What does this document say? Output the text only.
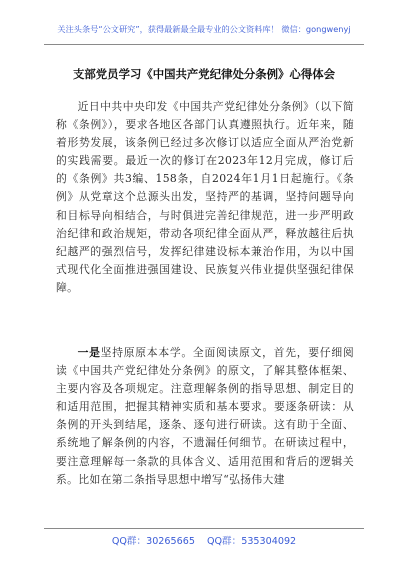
关注头条号“公文研究”，获得最新最全最专业的公文资料库！ 微信：gongwenyj
支部党员学习《中国共产党纪律处分条例》心得体会
近日中共中央印发《中国共产党纪律处分条例》（以下简称《条例》），要求各地区各部门认真遵照执行。近年来，随着形势发展，该条例已经过多次修订以适应全面从严治党新的实践需要。最近一次的修订在2023年12月完成，修订后的《条例》共3编、158条，自2024年1月1日起施行。《条例》从党章这个总源头出发，坚持严的基调，坚持问题导向和目标导向相结合，与时俱进完善纪律规范，进一步严明政治纪律和政治规矩，带动各项纪律全面从严，释放越往后执纪越严的强烈信号，发挥纪律建设标本兼治作用，为以中国式现代化全面推进强国建设、民族复兴伟业提供坚强纪律保障。
一是坚持原原本本学。全面阅读原文，首先，要仔细阅读《中国共产党纪律处分条例》的原文，了解其整体框架、主要内容及各项规定。注意理解条例的指导思想、制定目的和适用范围，把握其精神实质和基本要求。要逐条研读：从条例的开头到结尾，逐条、逐句进行研读。这有助于全面、系统地了解条例的内容，不遗漏任何细节。在研读过程中，要注意理解每一条款的具体含义、适用范围和背后的逻辑关系。比如在第二条指导思想中增写“弘扬伟大建
QQ群：30265665 QQ群：535304092
